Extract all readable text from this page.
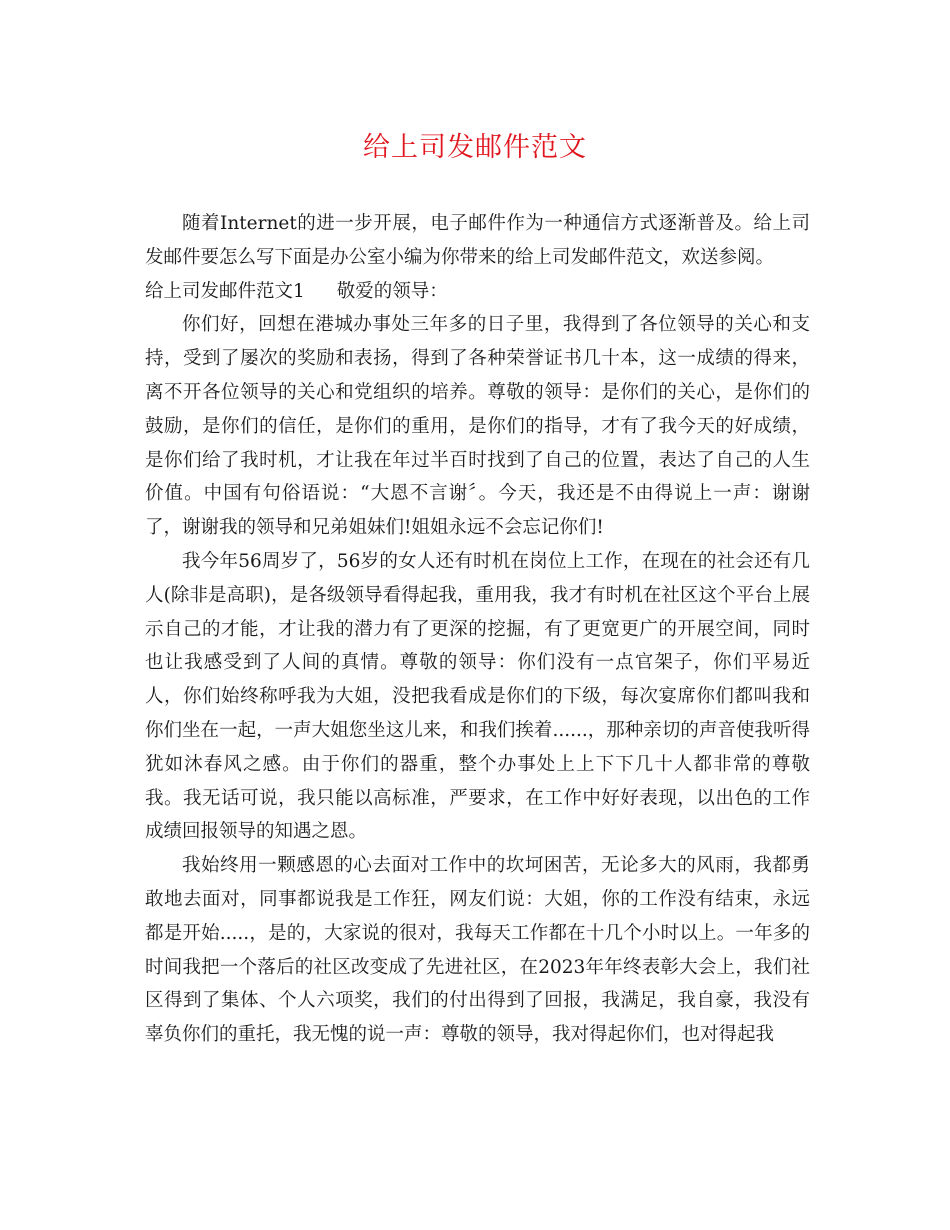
给上司发邮件范文

随着Internet的进一步开展，电子邮件作为一种通信方式逐渐普及。给上司发邮件要怎么写下面是办公室小编为你带来的给上司发邮件范文，欢送参阅。

给上司发邮件范文1 敬爱的领导：

你们好，回想在港城办事处三年多的日子里，我得到了各位领导的关心和支持，受到了屡次的奖励和表扬，得到了各种荣誉证书几十本，这一成绩的得来，离不开各位领导的关心和党组织的培养。尊敬的领导：是你们的关心，是你们的鼓励，是你们的信任，是你们的重用，是你们的指导，才有了我今天的好成绩，是你们给了我时机，才让我在年过半百时找到了自己的位置，表达了自己的人生价值。中国有句俗语说：“大恩不言谢〞。今天，我还是不由得说上一声：谢谢了，谢谢我的领导和兄弟姐妹们!姐姐永远不会忘记你们!

我今年56周岁了，56岁的女人还有时机在岗位上工作，在现在的社会还有几人(除非是高职)，是各级领导看得起我，重用我，我才有时机在社区这个平台上展示自己的才能，才让我的潜力有了更深的挖掘，有了更宽更广的开展空间，同时也让我感受到了人间的真情。尊敬的领导：你们没有一点官架子，你们平易近人，你们始终称呼我为大姐，没把我看成是你们的下级，每次宴席你们都叫我和你们坐在一起，一声大姐您坐这儿来，和我们挨着......，那种亲切的声音使我听得犹如沐春风之感。由于你们的器重，整个办事处上上下下几十人都非常的尊敬我。我无话可说，我只能以高标准，严要求，在工作中好好表现，以出色的工作成绩回报领导的知遇之恩。

我始终用一颗感恩的心去面对工作中的坎坷困苦，无论多大的风雨，我都勇敢地去面对，同事都说我是工作狂，网友们说：大姐，你的工作没有结束，永远都是开始.....，是的，大家说的很对，我每天工作都在十几个小时以上。一年多的时间我把一个落后的社区改变成了先进社区，在2023年年终表彰大会上，我们社区得到了集体、个人六项奖，我们的付出得到了回报，我满足，我自豪，我没有辜负你们的重托，我无愧的说一声：尊敬的领导，我对得起你们，也对得起我
